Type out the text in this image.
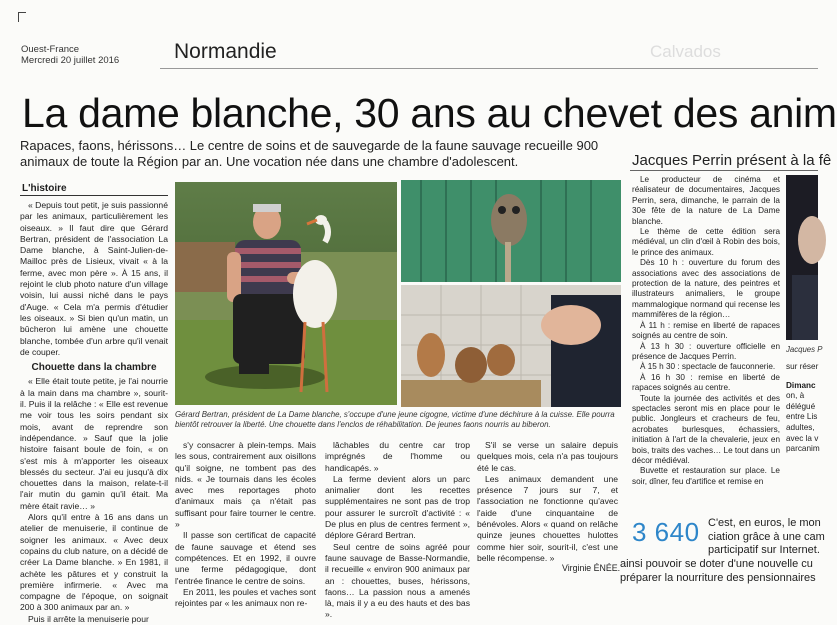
Ouest-France
Mercredi 20 juillet 2016	Normandie	Calvados
La dame blanche, 30 ans au chevet des anim
Rapaces, faons, hérissons… Le centre de soins et de sauvegarde de la faune sauvage recueille 900 animaux de toute la Région par an. Une vocation née dans une chambre d'adolescent.
L'histoire

« Depuis tout petit, je suis passionné par les animaux, particulièrement les oiseaux. » Il faut dire que Gérard Bertran, président de l'association La Dame blanche, à Saint-Julien-de-Mailloc près de Lisieux, vivait « à la ferme, avec mon père ». À 15 ans, il rejoint le club photo nature d'un village voisin, lui aussi niché dans le pays d'Auge. « Cela m'a permis d'étudier les oiseaux. » Si bien qu'un matin, un bûcheron lui amène une chouette blanche, tombée d'un arbre qu'il venait de couper.

Chouette dans la chambre

« Elle était toute petite, je l'ai nourrie à la main dans ma chambre », sourit-il. Puis il la relâche : « Elle est revenue me voir tous les soirs pendant six mois, avant de reprendre son indépendance. » Sauf que la jolie histoire faisant boule de foin, « on s'est mis à m'apporter les oiseaux blessés du secteur. J'ai eu jusqu'à dix chouettes dans la maison, relate-t-il l'air mutin du gamin qu'il était. Ma mère était ravie… »

Alors qu'il entre à 16 ans dans un atelier de menuiserie, il continue de soigner les animaux. « Avec deux copains du club nature, on a décidé de créer La Dame blanche. » En 1981, il achète les pâtures et y construit la première infirmerie. « Avec ma compagne de l'époque, on soignait 200 à 300 animaux par an. »

Puis il arrête la menuiserie pour

Gérard Bertran, président de La Dame blanche, s'occupe d'une jeune cigogne, victime d'une déchirure à la cuisse. Elle pourra bientôt retrouver la liberté. Une chouette dans l'enclos de réhabilitation. De jeunes faons nourris au biberon.

s'y consacrer à plein-temps. Mais les sous, contrairement aux oisillons qu'il soigne, ne tombent pas des nids. « Je tournais dans les écoles avec mes reportages photo d'animaux mais ça n'était pas suffisant pour faire tourner le centre. »

Il passe son certificat de capacité de faune sauvage et étend ses compétences. Et en 1992, il ouvre une ferme pédagogique, dont l'entrée finance le centre de soins.

En 2011, les poules et vaches sont rejointes par « les animaux non re-

lâchables du centre car trop imprégnés de l'homme ou handicapés. »

La ferme devient alors un parc animalier dont les recettes supplémentaires ne sont pas de trop pour assurer le surcroît d'activité : « De plus en plus de centres ferment », déplore Gérard Bertran.

Seul centre de soins agréé pour faune sauvage de Basse-Normandie, il recueille « environ 900 animaux par an : chouettes, buses, hérissons, faons… La passion nous a amenés là, mais il y a eu des hauts et des bas ».

S'il se verse un salaire depuis quelques mois, cela n'a pas toujours été le cas.

Les animaux demandent une présence 7 jours sur 7, et l'association ne fonctionne qu'avec l'aide d'une cinquantaine de bénévoles. Alors « quand on relâche quinze jeunes chouettes hulottes comme hier soir, sourit-il, c'est une belle récompense. »

Virginie ÉNÉE.
Jacques Perrin présent à la fê

Le producteur de cinéma et réalisateur de documentaires, Jacques Perrin, sera, dimanche, le parrain de la 30e fête de la nature de La Dame blanche.

Le thème de cette édition sera médiéval, un clin d'œil à Robin des bois, le prince des animaux.

Dès 10 h : ouverture du forum des associations avec des associations de protection de la nature, des peintres et illustrateurs animaliers, le groupe mammalogique normand qui recense les mammifères de la région…

À 11 h : remise en liberté de rapaces soignés au centre de soin.

À 13 h 30 : ouverture officielle en présence de Jacques Perrin.

À 15 h 30 : spectacle de fauconnerie.

À 16 h 30 : remise en liberté de rapaces soignés au centre.

Toute la journée des activités et des spectacles seront mis en place pour le public. Jongleurs et cracheurs de feu, acrobates burlesques, échassiers, initiation à l'art de la chevalerie, jeux en bois, traits des vaches… Le tout dans un décor médiéval.

Buvette et restauration sur place. Le soir, dîner, feu d'artifice et remise en

Jacques P
sur réser
Dimanc
on, à
délégué
entre Lis
adultes,
avec la v
parcanim
3 640 C'est, en euros, le mon
ciation grâce à une cam
participatif sur Internet.
ainsi pouvoir se doter d'une nouvelle cu
préparer la nourriture des pensionnaires
